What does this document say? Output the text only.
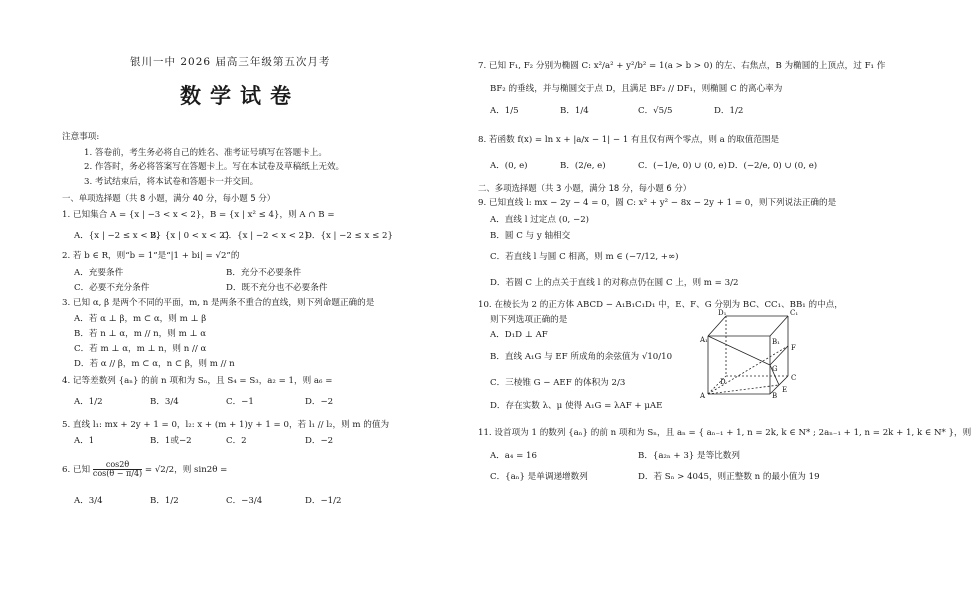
银川一中 2026 届高三年级第五次月考
数学试卷
注意事项:
1. 答卷前，考生务必将自己的姓名、准考证号填写在答题卡上。
2. 作答时，务必将答案写在答题卡上。写在本试卷及草稿纸上无效。
3. 考试结束后，将本试卷和答题卡一并交回。
一、单项选择题（共 8 小题，满分 40 分，每小题 5 分）
1. 已知集合 A = {x | −3 < x < 2}，B = {x | x² ≤ 4}，则 A ∩ B =
A．{x | −2 ≤ x < 2}
B．{x | 0 < x < 2}
C．{x | −2 < x < 2}
D．{x | −2 ≤ x ≤ 2}
2. 若 b ∈ R，则“b = 1”是“|1 + bi| = √2”的
A．充要条件	B．充分不必要条件
C．必要不充分条件	D．既不充分也不必要条件
3. 已知 α, β 是两个不同的平面，m, n 是两条不重合的直线，则下列命题正确的是
A．若 α ⊥ β，m ⊂ α，则 m ⊥ β
B．若 n ⊥ α，m // n，则 m ⊥ α
C．若 m ⊥ α，m ⊥ n，则 n // α
D．若 α // β，m ⊂ α，n ⊂ β，则 m // n
4. 记等差数列 {aₙ} 的前 n 项和为 Sₙ，且 S₄ = S₃，a₂ = 1，则 a₆ =
A．1/2	B．3/4	C．−1	D．−2
5. 直线 l₁: mx + 2y + 1 = 0，l₂: x + (m + 1)y + 1 = 0，若 l₁ // l₂，则 m 的值为
A．1	B．1或−2	C．2	D．−2
6. 已知 $\frac{\cos 2\theta}{\cos(\theta - \pi/4)} = √2/2$，则 sin2θ =
A．3/4	B．1/2	C．−3/4	D．−1/2
7. 已知 F₁, F₂ 分别为椭圆 C: x²/a² + y²/b² = 1(a > b > 0) 的左、右焦点，B 为椭圆的上顶点，过 F₁ 作
BF₂ 的垂线，并与椭圆交于点 D，且满足 BF₂ // DF₁，则椭圆 C 的离心率为
A．1/5	B．1/4	C．√5/5	D．1/2
8. 若函数 f(x) = ln x + |a/x − 1| − 1 有且仅有两个零点，则 a 的取值范围是
A．(0, e)	B．(2/e, e)	C．(−1/e, 0) ∪ (0, e) D．(−2/e, 0) ∪ (0, e)
二、多项选择题（共 3 小题，满分 18 分，每小题 6 分）
9. 已知直线 l: mx − 2y − 4 = 0，圆 C: x² + y² − 8x − 2y + 1 = 0，则下列说法正确的是
A．直线 l 过定点 (0, −2)
B．圆 C 与 y 轴相交
C．若直线 l 与圆 C 相离，则 m ∈ (−7/12, +∞)
D．若圆 C 上的点关于直线 l 的对称点仍在圆 C 上，则 m = 3/2
10. 在棱长为 2 的正方体 ABCD − A₁B₁C₁D₁ 中，E、F、G 分别为 BC、CC₁、BB₁ 的中点，
则下列选项正确的是
A．D₁D ⊥ AF
B．直线 A₁G 与 EF 所成角的余弦值为 √10/10
C．三棱锥 G − AEF 的体积为 2/3
D．存在实数 λ、μ 使得 A₁G = λAF + μAE
D₁	C₁
A₁	B₁
F
G
D	C
A	B
E
11. 设首项为 1 的数列 {aₙ} 的前 n 项和为 Sₙ，且 aₙ = { aₙ₋₁ + 1, n = 2k, k ∈ N* ; 2aₙ₋₁ + 1, n = 2k + 1, k ∈ N* }，则
A．a₄ = 16	B．{a₂ₙ + 3} 是等比数列
C．{aₙ} 是单调递增数列	D．若 Sₙ > 4045，则正整数 n 的最小值为 19
